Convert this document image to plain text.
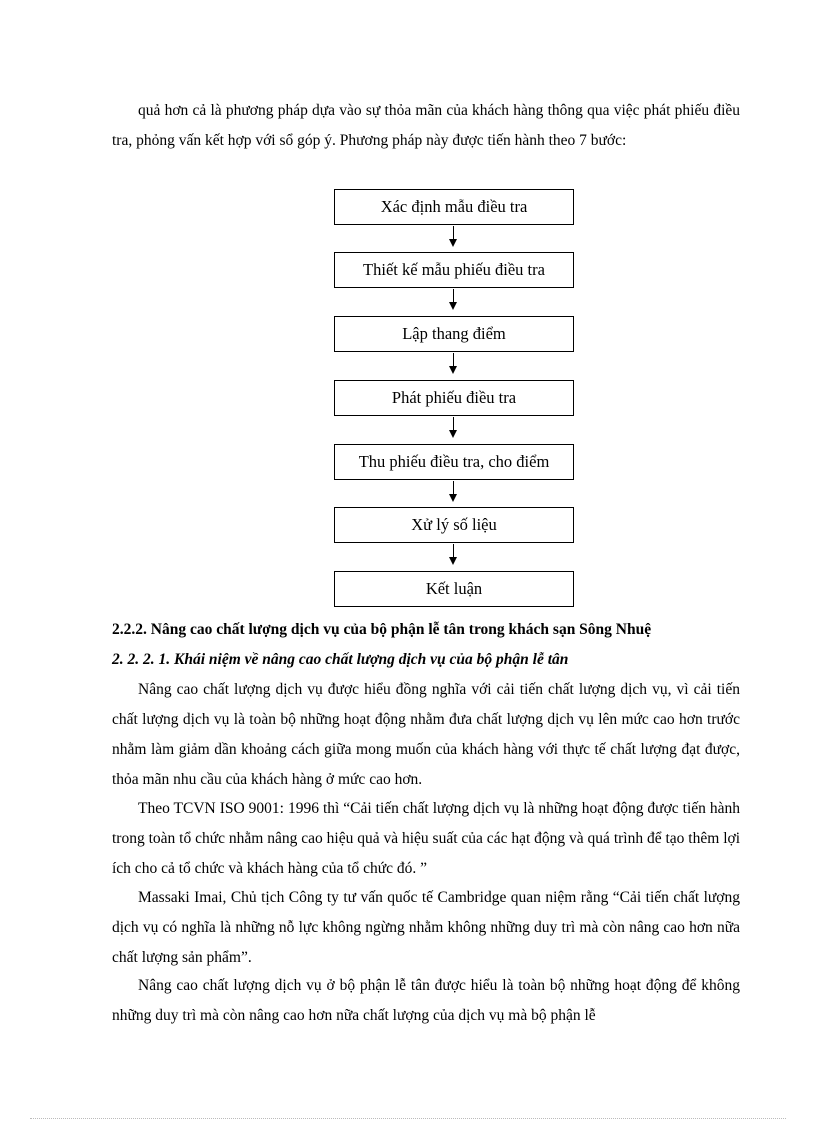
quả hơn cả là phương pháp dựa vào sự thỏa mãn của khách hàng thông qua việc phát phiếu điều tra, phỏng vấn kết hợp với sổ góp ý. Phương pháp này được tiến hành theo 7 bước:

Xác định mẫu điều tra
Thiết kế mẫu phiếu điều tra
Lập thang điểm
Phát phiếu điều tra
Thu phiếu điều tra, cho điểm
Xử lý số liệu
Kết luận

2.2.2. Nâng cao chất lượng dịch vụ của bộ phận lễ tân trong khách sạn Sông Nhuệ

2. 2. 2. 1. Khái niệm về nâng cao chất lượng dịch vụ của bộ phận lễ tân

Nâng cao chất lượng dịch vụ được hiểu đồng nghĩa với cải tiến chất lượng dịch vụ, vì cải tiến chất lượng dịch vụ là toàn bộ những hoạt động nhằm đưa chất lượng dịch vụ lên mức cao hơn trước nhằm làm giảm dần khoảng cách giữa mong muốn của khách hàng với thực tế chất lượng đạt được, thỏa mãn nhu cầu của khách hàng ở mức cao hơn.

Theo TCVN ISO 9001: 1996 thì “Cải tiến chất lượng dịch vụ là những hoạt động được tiến hành trong toàn tổ chức nhằm nâng cao hiệu quả và hiệu suất của các hạt động và quá trình để tạo thêm lợi ích cho cả tổ chức và khách hàng của tổ chức đó. ”

Massaki Imai, Chủ tịch Công ty tư vấn quốc tế Cambridge quan niệm rằng “Cải tiến chất lượng dịch vụ có nghĩa là những nỗ lực không ngừng nhằm không những duy trì mà còn nâng cao hơn nữa chất lượng sản phẩm”.

Nâng cao chất lượng dịch vụ ở bộ phận lễ tân được hiểu là toàn bộ những hoạt động để không những duy trì mà còn nâng cao hơn nữa chất lượng của dịch vụ mà bộ phận lễ
